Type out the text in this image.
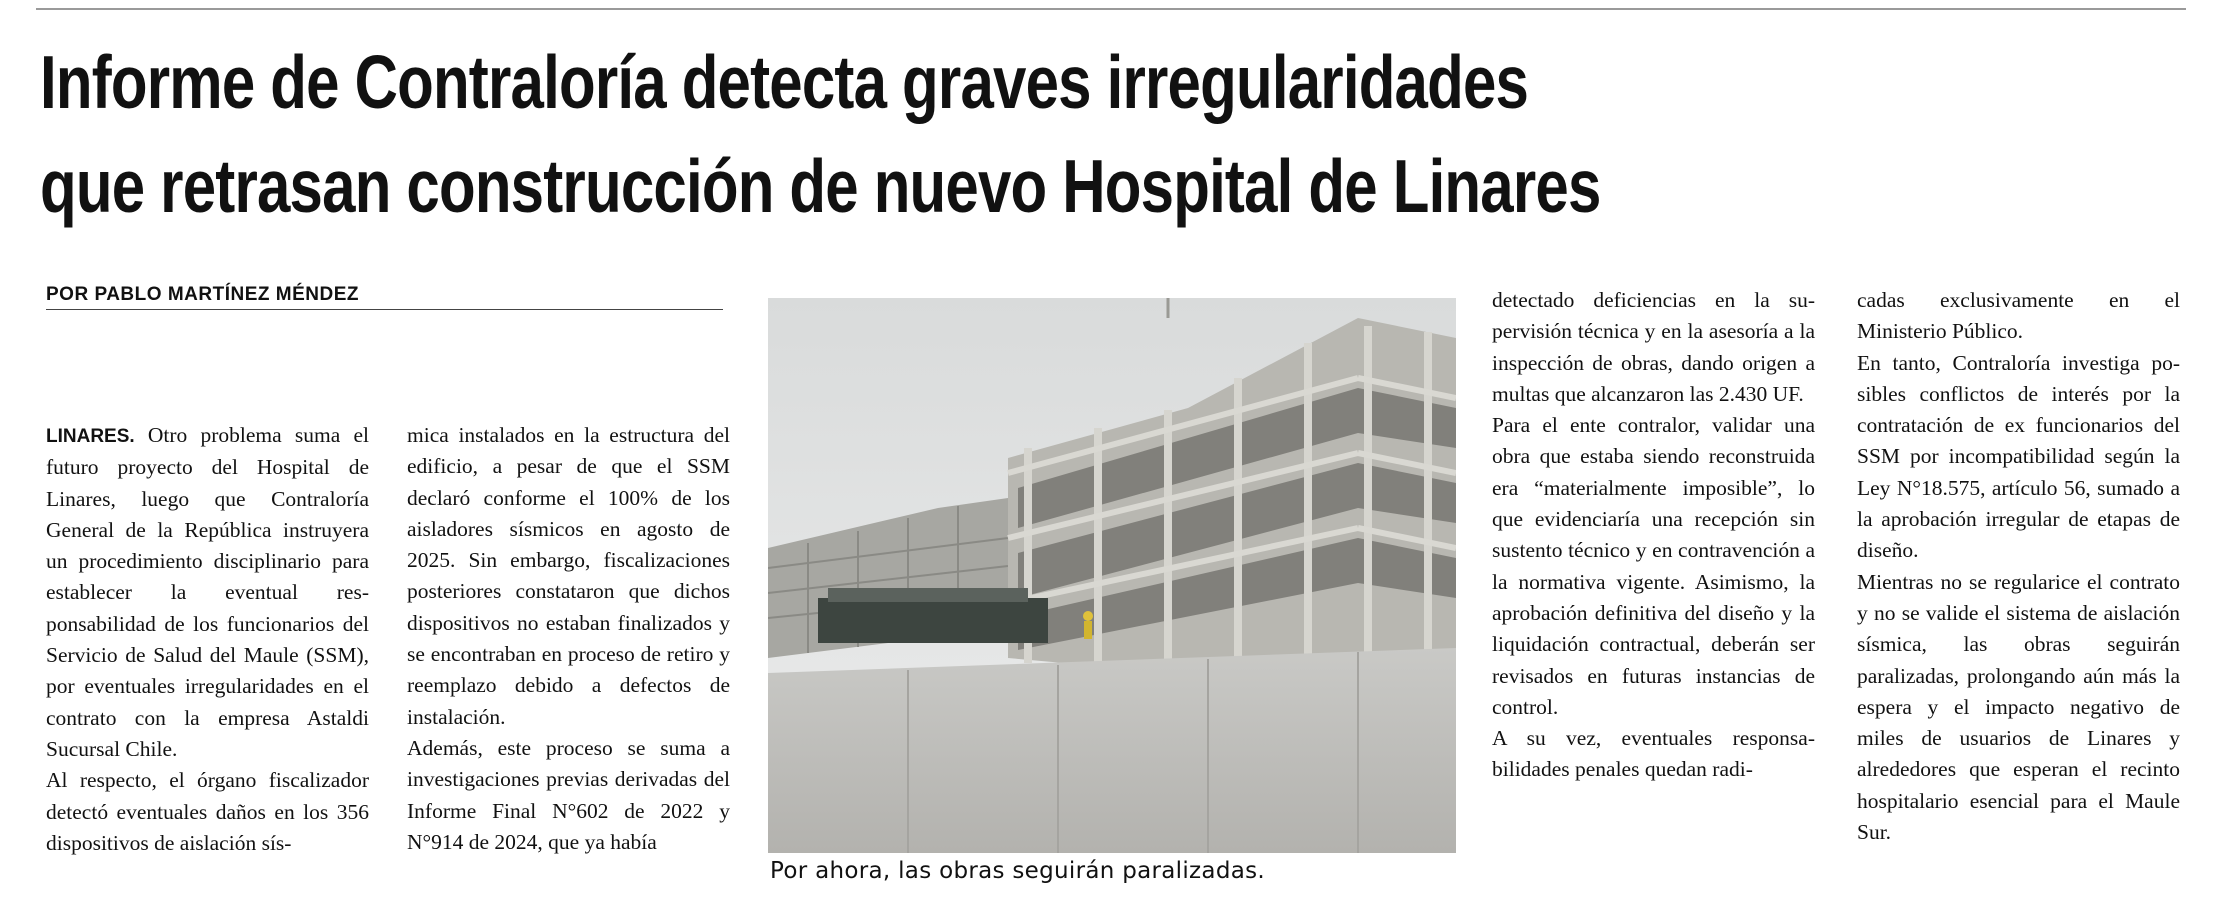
Informe de Contraloría detecta graves irregularidades
que retrasan construcción de nuevo Hospital de Linares
POR PABLO MARTÍNEZ MÉNDEZ

LINARES. Otro problema suma el futuro proyecto del Hospital de Linares, luego que Contraloría General de la República instruyera un procedimiento disciplinario para establecer la eventual responsabilidad de los funcionarios del Servicio de Salud del Maule (SSM), por eventuales irregularidades en el contrato con la empresa Astaldi Sucursal Chile.

Al respecto, el órgano fiscalizador detectó eventuales daños en los 356 dispositivos de aislación sís-

mica instalados en la estructura del edificio, a pesar de que el SSM declaró conforme el 100% de los aisladores sísmicos en agosto de 2025. Sin embargo, fiscalizaciones posteriores constataron que dichos dispositivos no estaban finalizados y se encontraban en proceso de retiro y reemplazo debido a defectos de instalación.

Además, este proceso se suma a investigaciones previas derivadas del Informe Final N°602 de 2022 y N°914 de 2024, que ya había

Por ahora, las obras seguirán paralizadas.

detectado deficiencias en la supervisión técnica y en la asesoría a la inspección de obras, dando origen a multas que alcanzaron las 2.430 UF.

Para el ente contralor, validar una obra que estaba siendo reconstruida era “materialmente imposible”, lo que evidenciaría una recepción sin sustento técnico y en contravención a la normativa vigente. Asimismo, la aprobación definitiva del diseño y la liquidación contractual, deberán ser revisados en futuras instancias de control.

A su vez, eventuales responsabilidades penales quedan radi-

cadas exclusivamente en el Ministerio Público.

En tanto, Contraloría investiga posibles conflictos de interés por la contratación de ex funcionarios del SSM por incompatibilidad según la Ley N°18.575, artículo 56, sumado a la aprobación irregular de etapas de diseño.

Mientras no se regularice el contrato y no se valide el sistema de aislación sísmica, las obras seguirán paralizadas, prolongando aún más la espera y el impacto negativo de miles de usuarios de Linares y alrededores que esperan el recinto hospitalario esencial para el Maule Sur.
